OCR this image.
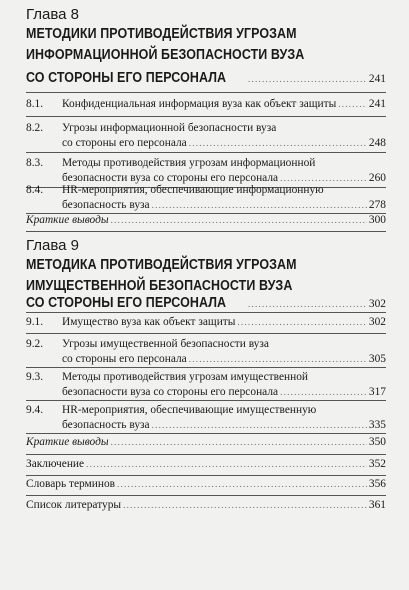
Глава 8
МЕТОДИКИ ПРОТИВОДЕЙСТВИЯ УГРОЗАМ
ИНФОРМАЦИОННОЙ БЕЗОПАСНОСТИ ВУЗА
СО СТОРОНЫ ЕГО ПЕРСОНАЛА . . .	241
8.1. Конфиденциальная информация вуза как объект защиты . . .	241
8.2. Угрозы информационной безопасности вуза
со стороны его персонала . . .	248
8.3. Методы противодействия угрозам информационной
безопасности вуза со стороны его персонала . . .	260
8.4. HR-мероприятия, обеспечивающие информационную
безопасность вуза . . .	278
Краткие выводы . . .	300
Глава 9
МЕТОДИКА ПРОТИВОДЕЙСТВИЯ УГРОЗАМ
ИМУЩЕСТВЕННОЙ БЕЗОПАСНОСТИ ВУЗА
СО СТОРОНЫ ЕГО ПЕРСОНАЛА . . .	302
9.1. Имущество вуза как объект защиты . . .	302
9.2. Угрозы имущественной безопасности вуза
со стороны его персонала . . .	305
9.3. Методы противодействия угрозам имущественной
безопасности вуза со стороны его персонала . . .	317
9.4. HR-мероприятия, обеспечивающие имущественную
безопасность вуза . . .	335
Краткие выводы . . .	350
Заключение . . .	352
Словарь терминов . . .	356
Список литературы . . .	361
